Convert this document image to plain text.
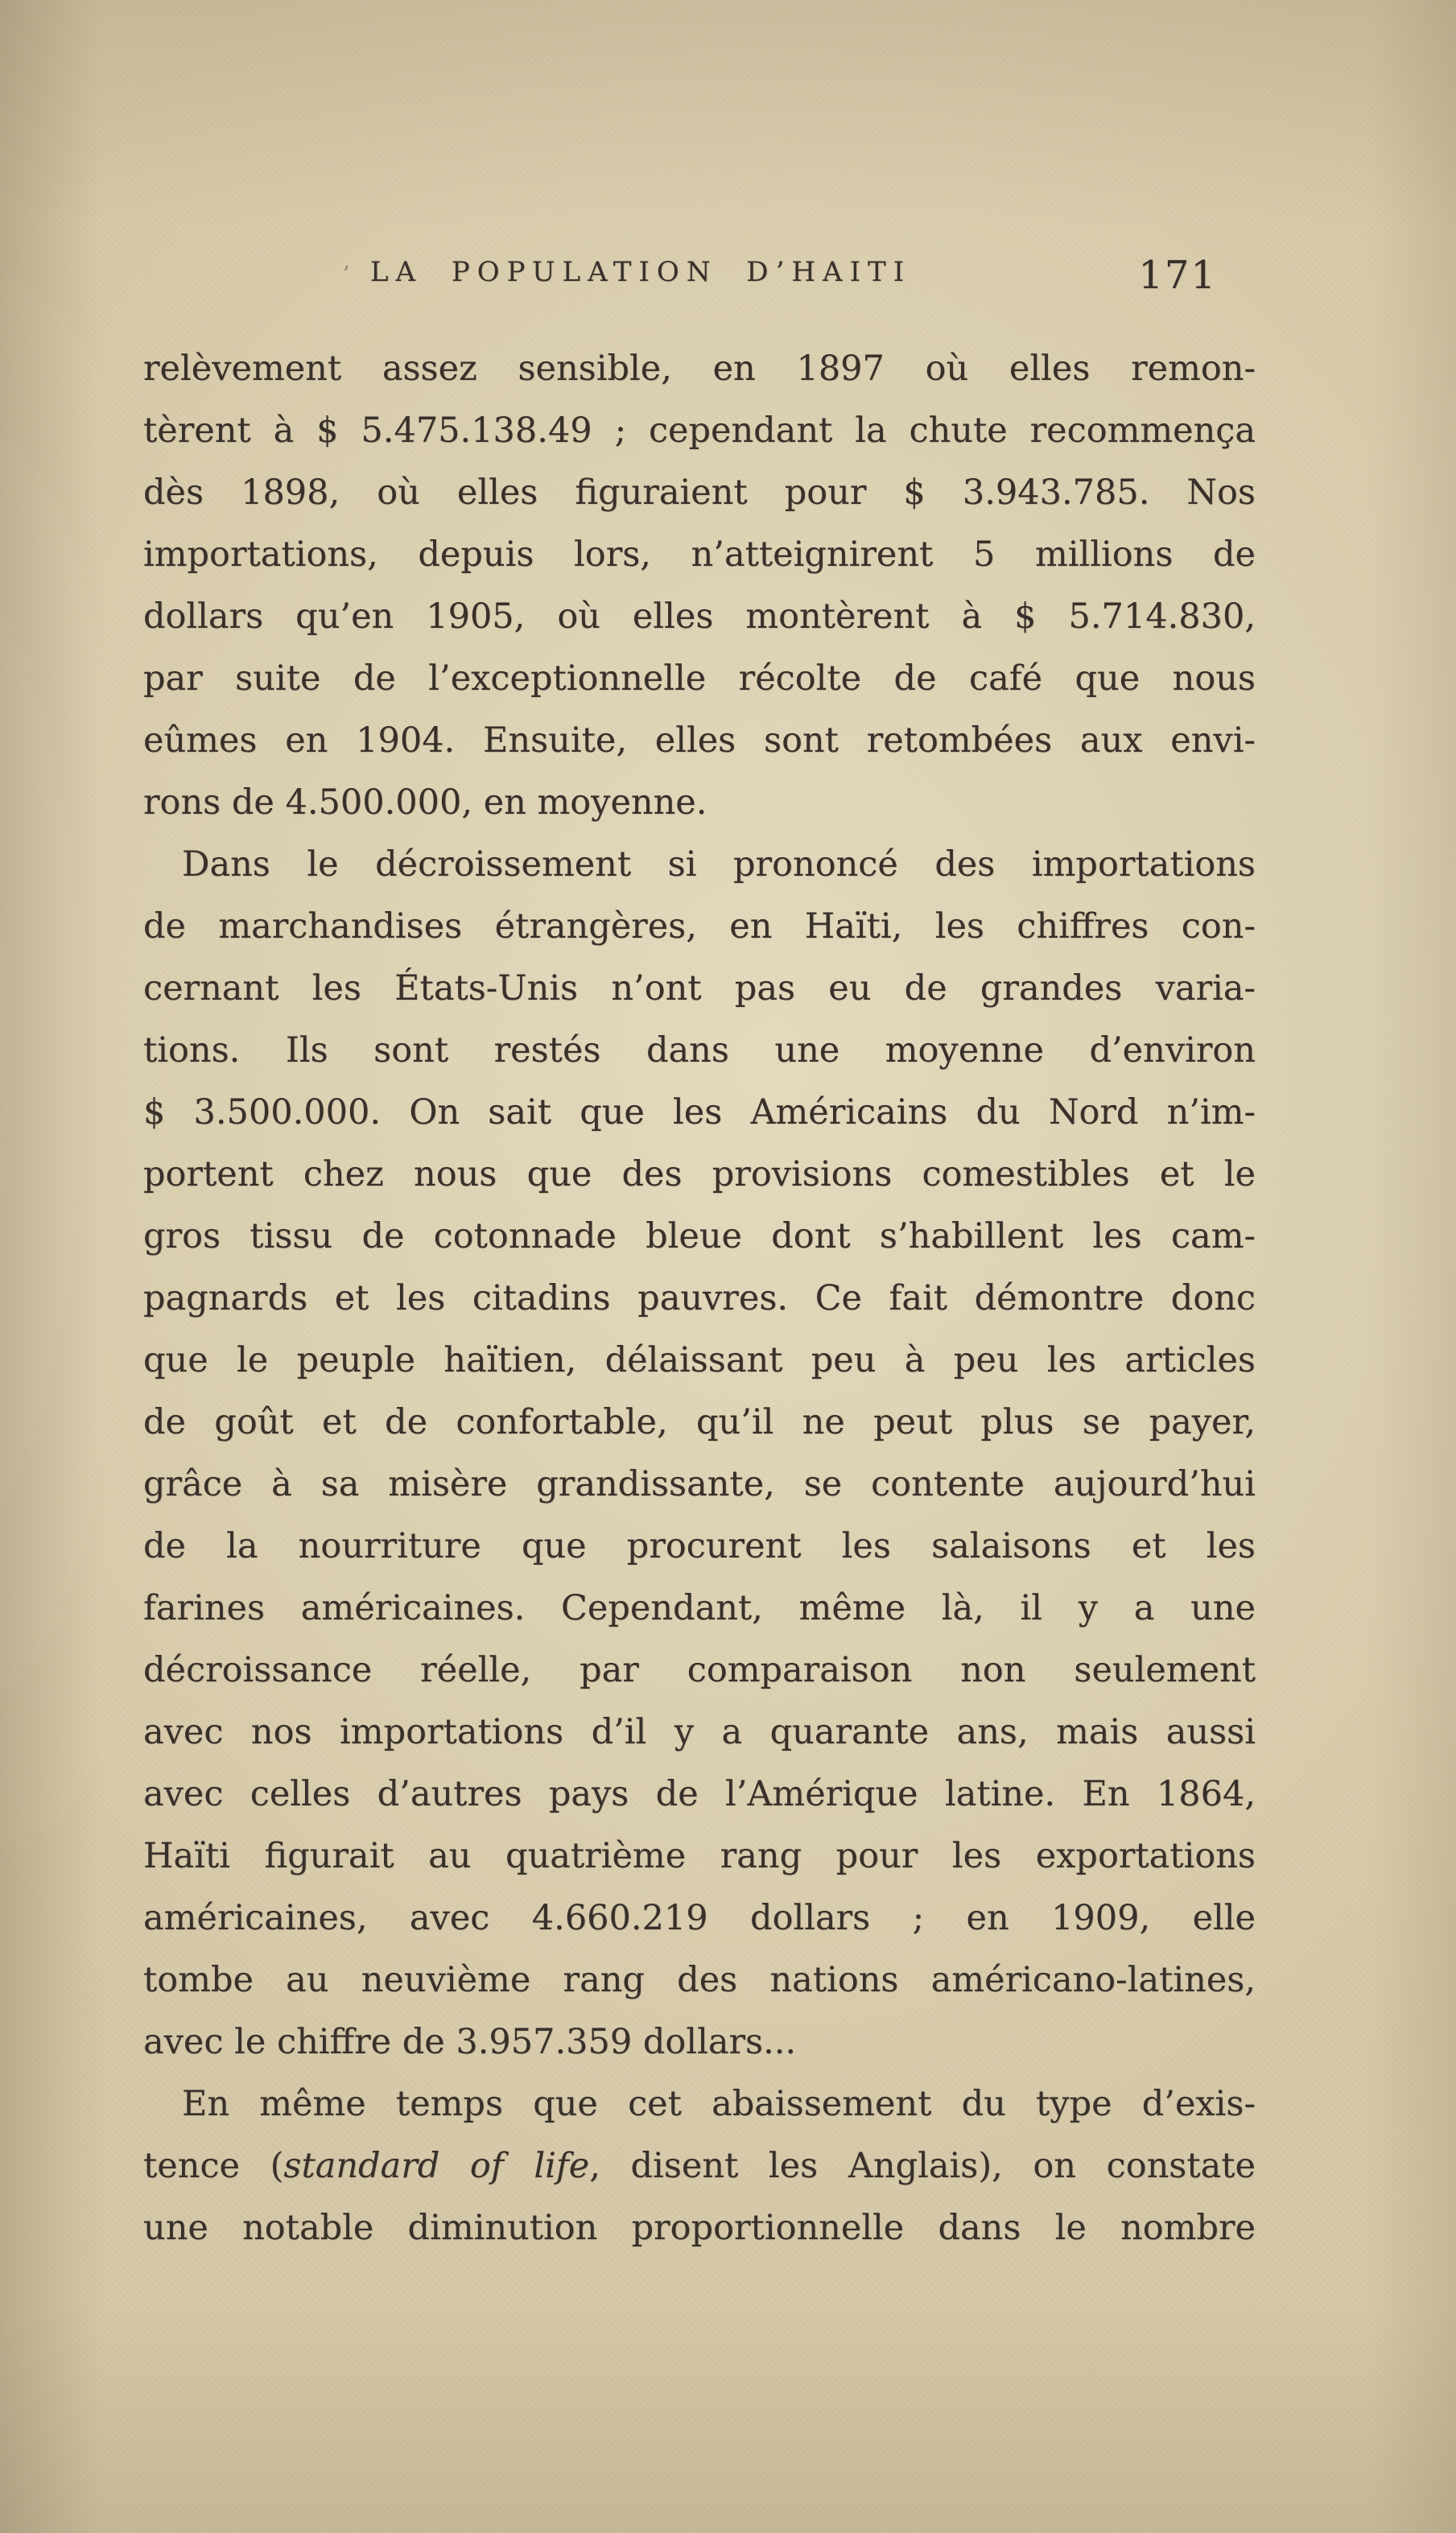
’ LA POPULATION D’HAITI	171
relèvement assez sensible, en 1897 où elles remon-
tèrent à $ 5.475.138.49 ; cependant la chute recommença
dès 1898, où elles figuraient pour $ 3.943.785. Nos
importations, depuis lors, n’atteignirent 5 millions de
dollars qu’en 1905, où elles montèrent à $ 5.714.830,
par suite de l’exceptionnelle récolte de café que nous
eûmes en 1904. Ensuite, elles sont retombées aux envi-
rons de 4.500.000, en moyenne.
Dans le décroissement si prononcé des importations
de marchandises étrangères, en Haïti, les chiffres con-
cernant les États-Unis n’ont pas eu de grandes varia-
tions. Ils sont restés dans une moyenne d’environ
$ 3.500.000. On sait que les Américains du Nord n’im-
portent chez nous que des provisions comestibles et le
gros tissu de cotonnade bleue dont s’habillent les cam-
pagnards et les citadins pauvres. Ce fait démontre donc
que le peuple haïtien, délaissant peu à peu les articles
de goût et de confortable, qu’il ne peut plus se payer,
grâce à sa misère grandissante, se contente aujourd’hui
de la nourriture que procurent les salaisons et les
farines américaines. Cependant, même là, il y a une
décroissance réelle, par comparaison non seulement
avec nos importations d’il y a quarante ans, mais aussi
avec celles d’autres pays de l’Amérique latine. En 1864,
Haïti figurait au quatrième rang pour les exportations
américaines, avec 4.660.219 dollars ; en 1909, elle
tombe au neuvième rang des nations américano-latines,
avec le chiffre de 3.957.359 dollars...
En même temps que cet abaissement du type d’exis-
tence (standard of life, disent les Anglais), on constate
une notable diminution proportionnelle dans le nombre
